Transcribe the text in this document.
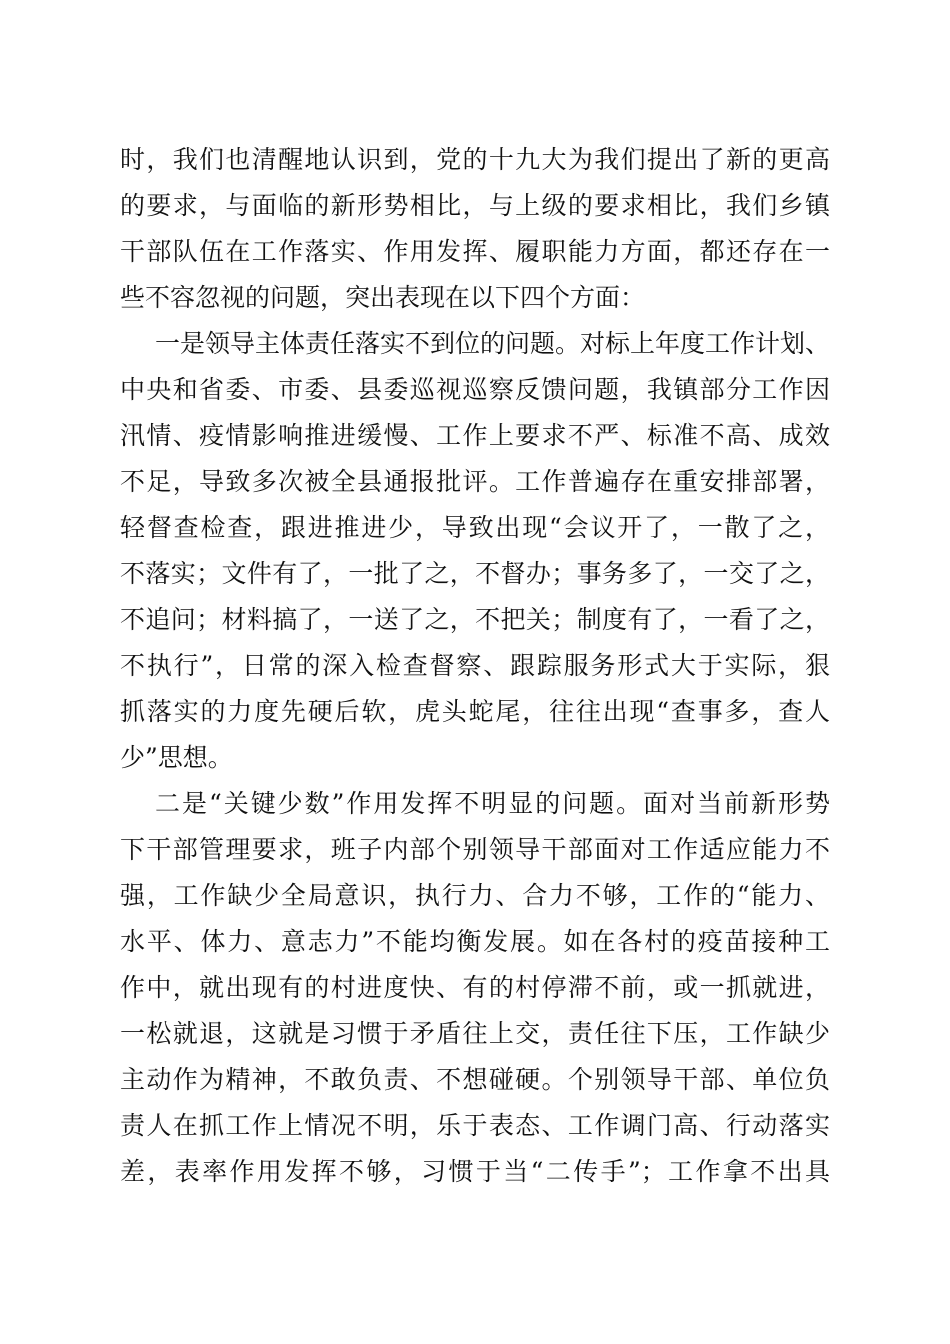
时，我们也清醒地认识到，党的十九大为我们提出了新的更高
的要求，与面临的新形势相比，与上级的要求相比，我们乡镇
干部队伍在工作落实、作用发挥、履职能力方面，都还存在一
些不容忽视的问题，突出表现在以下四个方面：
一是领导主体责任落实不到位的问题。对标上年度工作计划、
中央和省委、市委、县委巡视巡察反馈问题，我镇部分工作因
汛情、疫情影响推进缓慢、工作上要求不严、标准不高、成效
不足，导致多次被全县通报批评。工作普遍存在重安排部署，
轻督查检查，跟进推进少，导致出现“会议开了，一散了之，
不落实；文件有了，一批了之，不督办；事务多了，一交了之，
不追问；材料搞了，一送了之，不把关；制度有了，一看了之，
不执行”，日常的深入检查督察、跟踪服务形式大于实际，狠
抓落实的力度先硬后软，虎头蛇尾，往往出现“查事多，查人
少”思想。
二是“关键少数”作用发挥不明显的问题。面对当前新形势
下干部管理要求，班子内部个别领导干部面对工作适应能力不
强，工作缺少全局意识，执行力、合力不够，工作的“能力、
水平、体力、意志力”不能均衡发展。如在各村的疫苗接种工
作中，就出现有的村进度快、有的村停滞不前，或一抓就进，
一松就退，这就是习惯于矛盾往上交，责任往下压，工作缺少
主动作为精神，不敢负责、不想碰硬。个别领导干部、单位负
责人在抓工作上情况不明，乐于表态、工作调门高、行动落实
差，表率作用发挥不够，习惯于当“二传手”；工作拿不出具
